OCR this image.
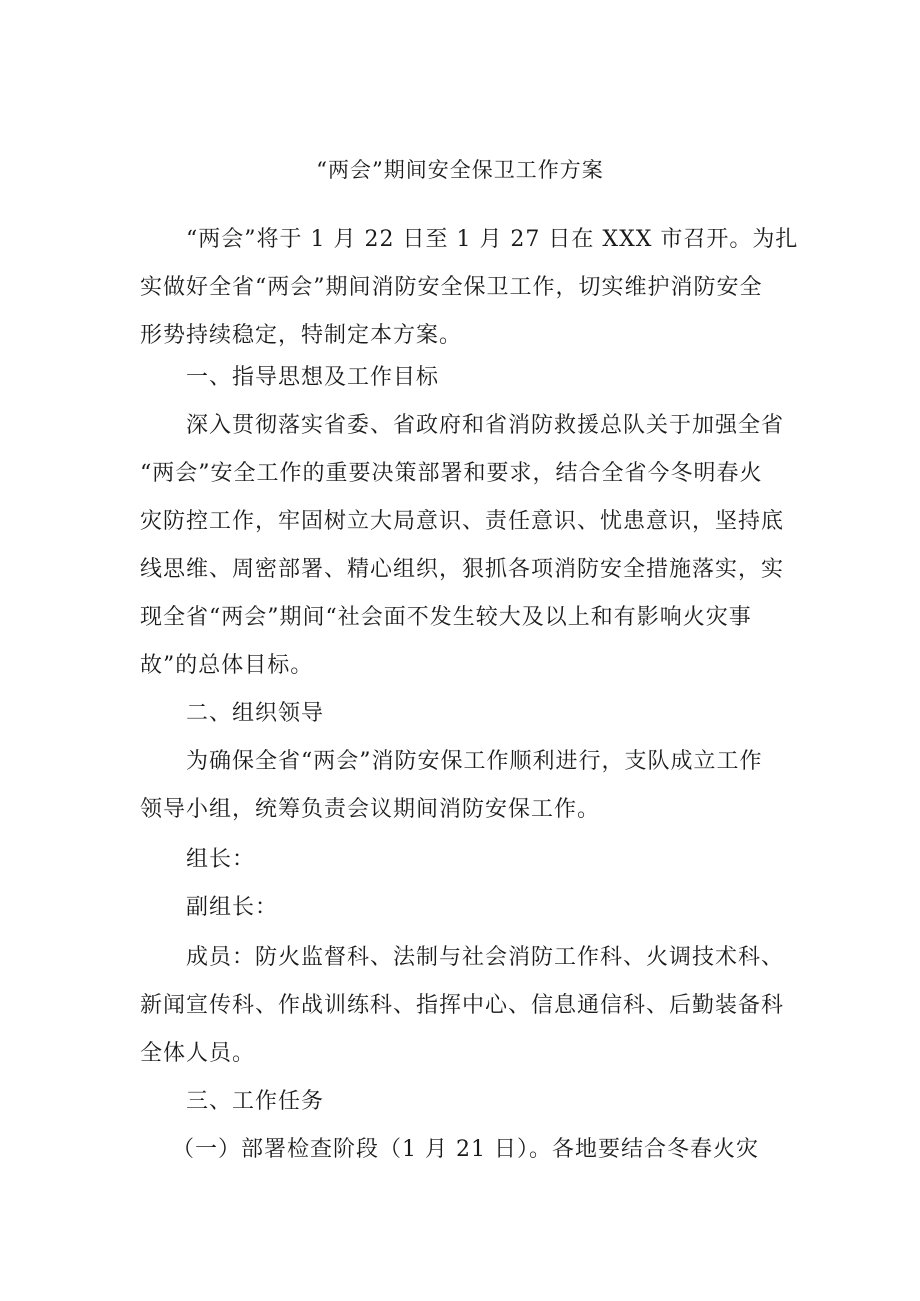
“两会”期间安全保卫工作方案

“两会”将于 1 月 22 日至 1 月 27 日在 XXX 市召开。为扎
实做好全省“两会”期间消防安全保卫工作，切实维护消防安全
形势持续稳定，特制定本方案。

一、指导思想及工作目标

深入贯彻落实省委、省政府和省消防救援总队关于加强全省
“两会”安全工作的重要决策部署和要求，结合全省今冬明春火
灾防控工作，牢固树立大局意识、责任意识、忧患意识，坚持底
线思维、周密部署、精心组织，狠抓各项消防安全措施落实，实
现全省“两会”期间“社会面不发生较大及以上和有影响火灾事
故”的总体目标。

二、组织领导

为确保全省“两会”消防安保工作顺利进行，支队成立工作
领导小组，统筹负责会议期间消防安保工作。

组长：

副组长：

成员：防火监督科、法制与社会消防工作科、火调技术科、
新闻宣传科、作战训练科、指挥中心、信息通信科、后勤装备科
全体人员。

三、工作任务

（一）部署检查阶段（1 月 21 日）。各地要结合冬春火灾
